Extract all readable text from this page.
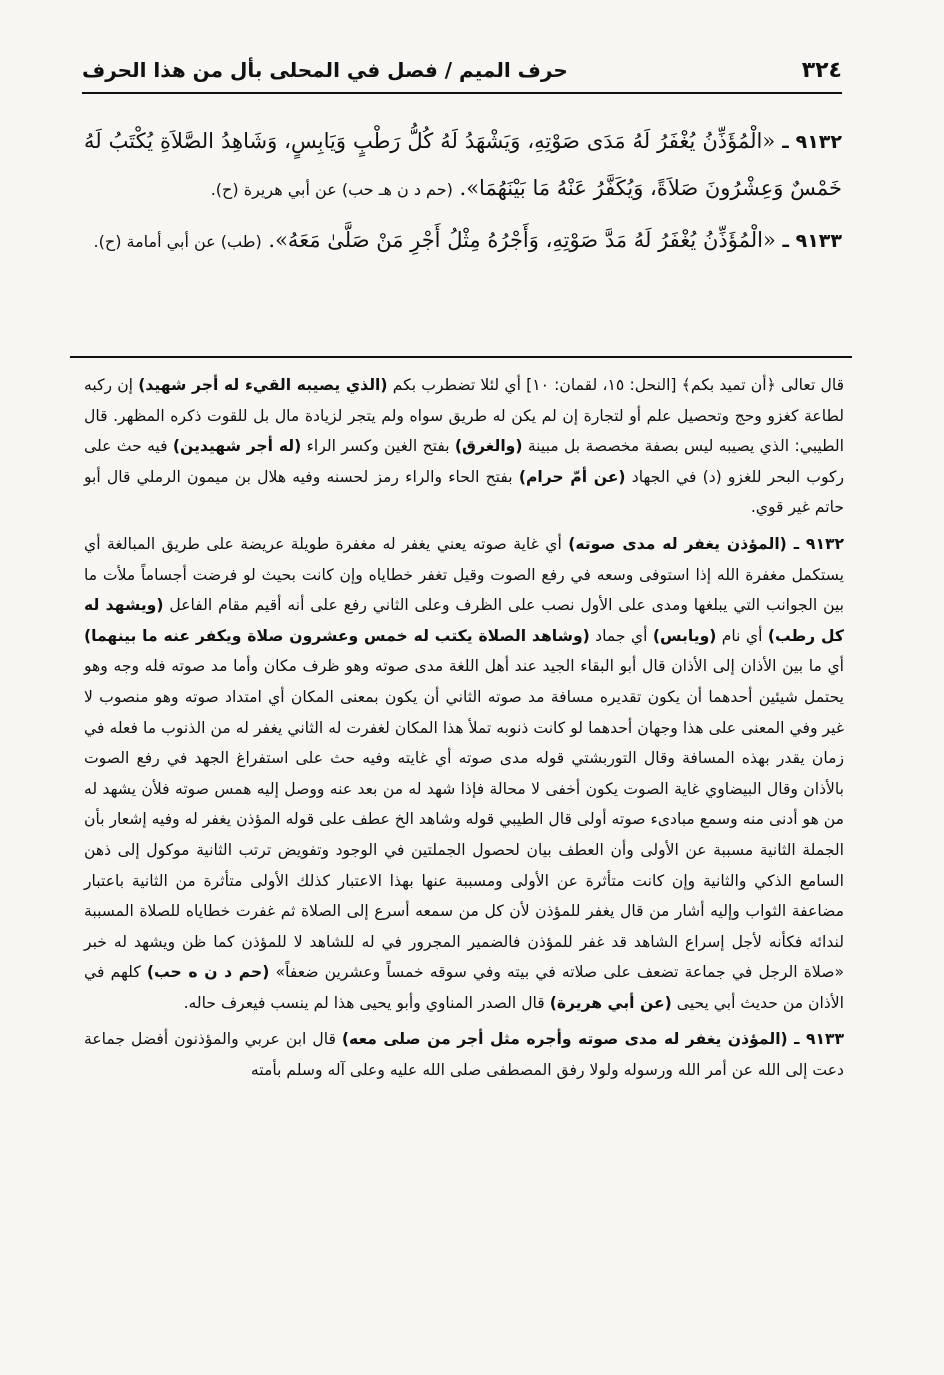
٣٢٤
حرف الميم / فصل في المحلى بأل من هذا الحرف

٩١٣٢ ـ «الْمُؤَذِّنُ يُغْفَرُ لَهُ مَدَى صَوْتِهِ، وَيَشْهَدُ لَهُ كُلُّ رَطْبٍ وَيَابِسٍ، وَشَاهِدُ الصَّلاَةِ يُكْتَبُ لَهُ خَمْسٌ وَعِشْرُونَ صَلاَةً، وَيُكَفَّرُ عَنْهُ مَا بَيْنَهُمَا». (حم د ن هـ حب) عن أبي هريرة (ح).

٩١٣٣ ـ «الْمُؤَذِّنُ يُغْفَرُ لَهُ مَدَّ صَوْتِهِ، وَأَجْرُهُ مِثْلُ أَجْرِ مَنْ صَلَّىٰ مَعَهُ». (طب) عن أبي أمامة (ح).

قال تعالى ﴿أن تميد بكم﴾ [النحل: ١٥، لقمان: ١٠] أي لئلا تضطرب بكم (الذي يصيبه القيء له أجر شهيد) إن ركبه لطاعة كغزو وحج وتحصيل علم أو لتجارة إن لم يكن له طريق سواه ولم يتجر لزيادة مال بل للقوت ذكره المظهر. قال الطيبي: الذي يصيبه ليس بصفة مخصصة بل مبينة (والغرق) بفتح الغين وكسر الراء (له أجر شهيدين) فيه حث على ركوب البحر للغزو (د) في الجهاد (عن أمّ حرام) بفتح الحاء والراء رمز لحسنه وفيه هلال بن ميمون الرملي قال أبو حاتم غير قوي.

٩١٣٢ ـ (المؤذن يغفر له مدى صوته) أي غاية صوته يعني يغفر له مغفرة طويلة عريضة على طريق المبالغة أي يستكمل مغفرة الله إذا استوفى وسعه في رفع الصوت وقيل تغفر خطاياه وإن كانت بحيث لو فرضت أجساماً ملأت ما بين الجوانب التي يبلغها ومدى على الأول نصب على الظرف وعلى الثاني رفع على أنه أقيم مقام الفاعل (ويشهد له كل رطب) أي نام (ويابس) أي جماد (وشاهد الصلاة يكتب له خمس وعشرون صلاة ويكفر عنه ما بينهما) أي ما بين الأذان إلى الأذان قال أبو البقاء الجيد عند أهل اللغة مدى صوته وهو ظرف مكان وأما مد صوته فله وجه وهو يحتمل شيئين أحدهما أن يكون تقديره مسافة مد صوته الثاني أن يكون بمعنى المكان أي امتداد صوته وهو منصوب لا غير وفي المعنى على هذا وجهان أحدهما لو كانت ذنوبه تملأ هذا المكان لغفرت له الثاني يغفر له من الذنوب ما فعله في زمان يقدر بهذه المسافة وقال التوربشتي قوله مدى صوته أي غايته وفيه حث على استفراغ الجهد في رفع الصوت بالأذان وقال البيضاوي غاية الصوت يكون أخفى لا محالة فإذا شهد له من بعد عنه ووصل إليه همس صوته فلأن يشهد له من هو أدنى منه وسمع مبادىء صوته أولى قال الطيبي قوله وشاهد الخ عطف على قوله المؤذن يغفر له وفيه إشعار بأن الجملة الثانية مسببة عن الأولى وأن العطف بيان لحصول الجملتين في الوجود وتفويض ترتب الثانية موكول إلى ذهن السامع الذكي والثانية وإن كانت متأثرة عن الأولى ومسببة عنها بهذا الاعتبار كذلك الأولى متأثرة من الثانية باعتبار مضاعفة الثواب وإليه أشار من قال يغفر للمؤذن لأن كل من سمعه أسرع إلى الصلاة ثم غفرت خطاياه للصلاة المسببة لندائه فكأنه لأجل إسراع الشاهد قد غفر للمؤذن فالضمير المجرور في له للشاهد لا للمؤذن كما ظن ويشهد له خبر «صلاة الرجل في جماعة تضعف على صلاته في بيته وفي سوقه خمساً وعشرين ضعفاً» (حم د ن ه حب) كلهم في الأذان من حديث أبي يحيى (عن أبي هريرة) قال الصدر المناوي وأبو يحيى هذا لم ينسب فيعرف حاله.

٩١٣٣ ـ (المؤذن يغفر له مدى صوته وأجره مثل أجر من صلى معه) قال ابن عربي والمؤذنون أفضل جماعة دعت إلى الله عن أمر الله ورسوله ولولا رفق المصطفى صلى الله عليه وعلى آله وسلم بأمته
